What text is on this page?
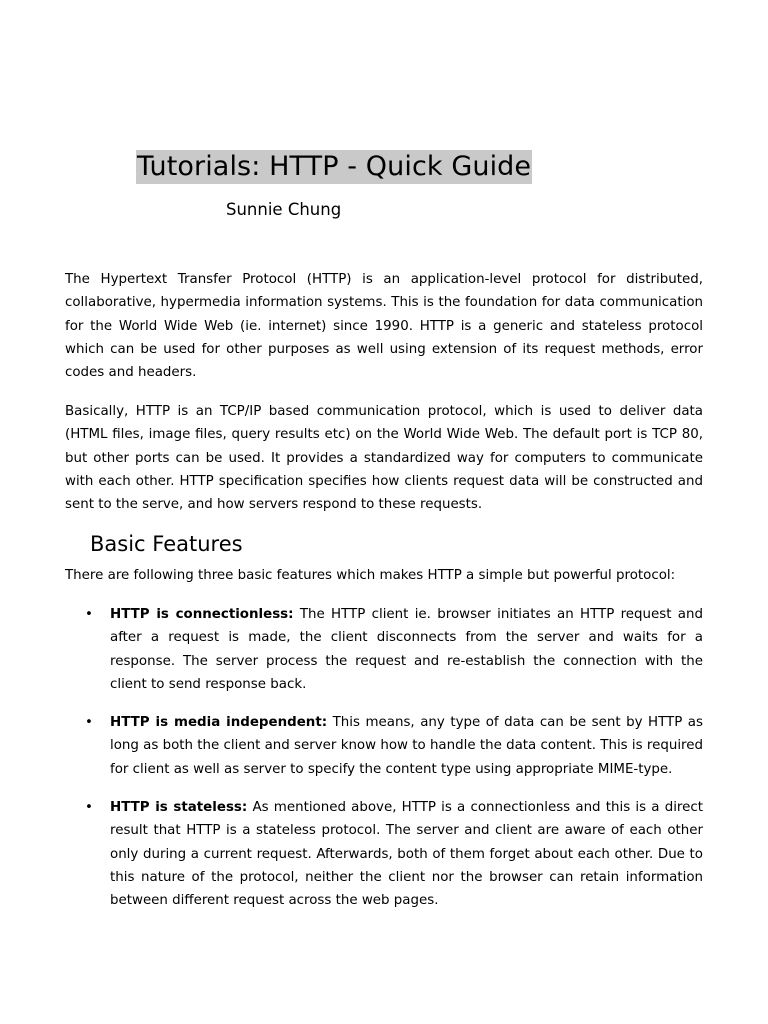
Tutorials: HTTP - Quick Guide
Sunnie Chung

The Hypertext Transfer Protocol (HTTP) is an application-level protocol for distributed, collaborative, hypermedia information systems. This is the foundation for data communication for the World Wide Web (ie. internet) since 1990. HTTP is a generic and stateless protocol which can be used for other purposes as well using extension of its request methods, error codes and headers.

Basically, HTTP is an TCP/IP based communication protocol, which is used to deliver data (HTML files, image files, query results etc) on the World Wide Web. The default port is TCP 80, but other ports can be used. It provides a standardized way for computers to communicate with each other. HTTP specification specifies how clients request data will be constructed and sent to the serve, and how servers respond to these requests.

Basic Features

There are following three basic features which makes HTTP a simple but powerful protocol:

• HTTP is connectionless: The HTTP client ie. browser initiates an HTTP request and after a request is made, the client disconnects from the server and waits for a response. The server process the request and re-establish the connection with the client to send response back.

• HTTP is media independent: This means, any type of data can be sent by HTTP as long as both the client and server know how to handle the data content. This is required for client as well as server to specify the content type using appropriate MIME-type.

• HTTP is stateless: As mentioned above, HTTP is a connectionless and this is a direct result that HTTP is a stateless protocol. The server and client are aware of each other only during a current request. Afterwards, both of them forget about each other. Due to this nature of the protocol, neither the client nor the browser can retain information between different request across the web pages.
